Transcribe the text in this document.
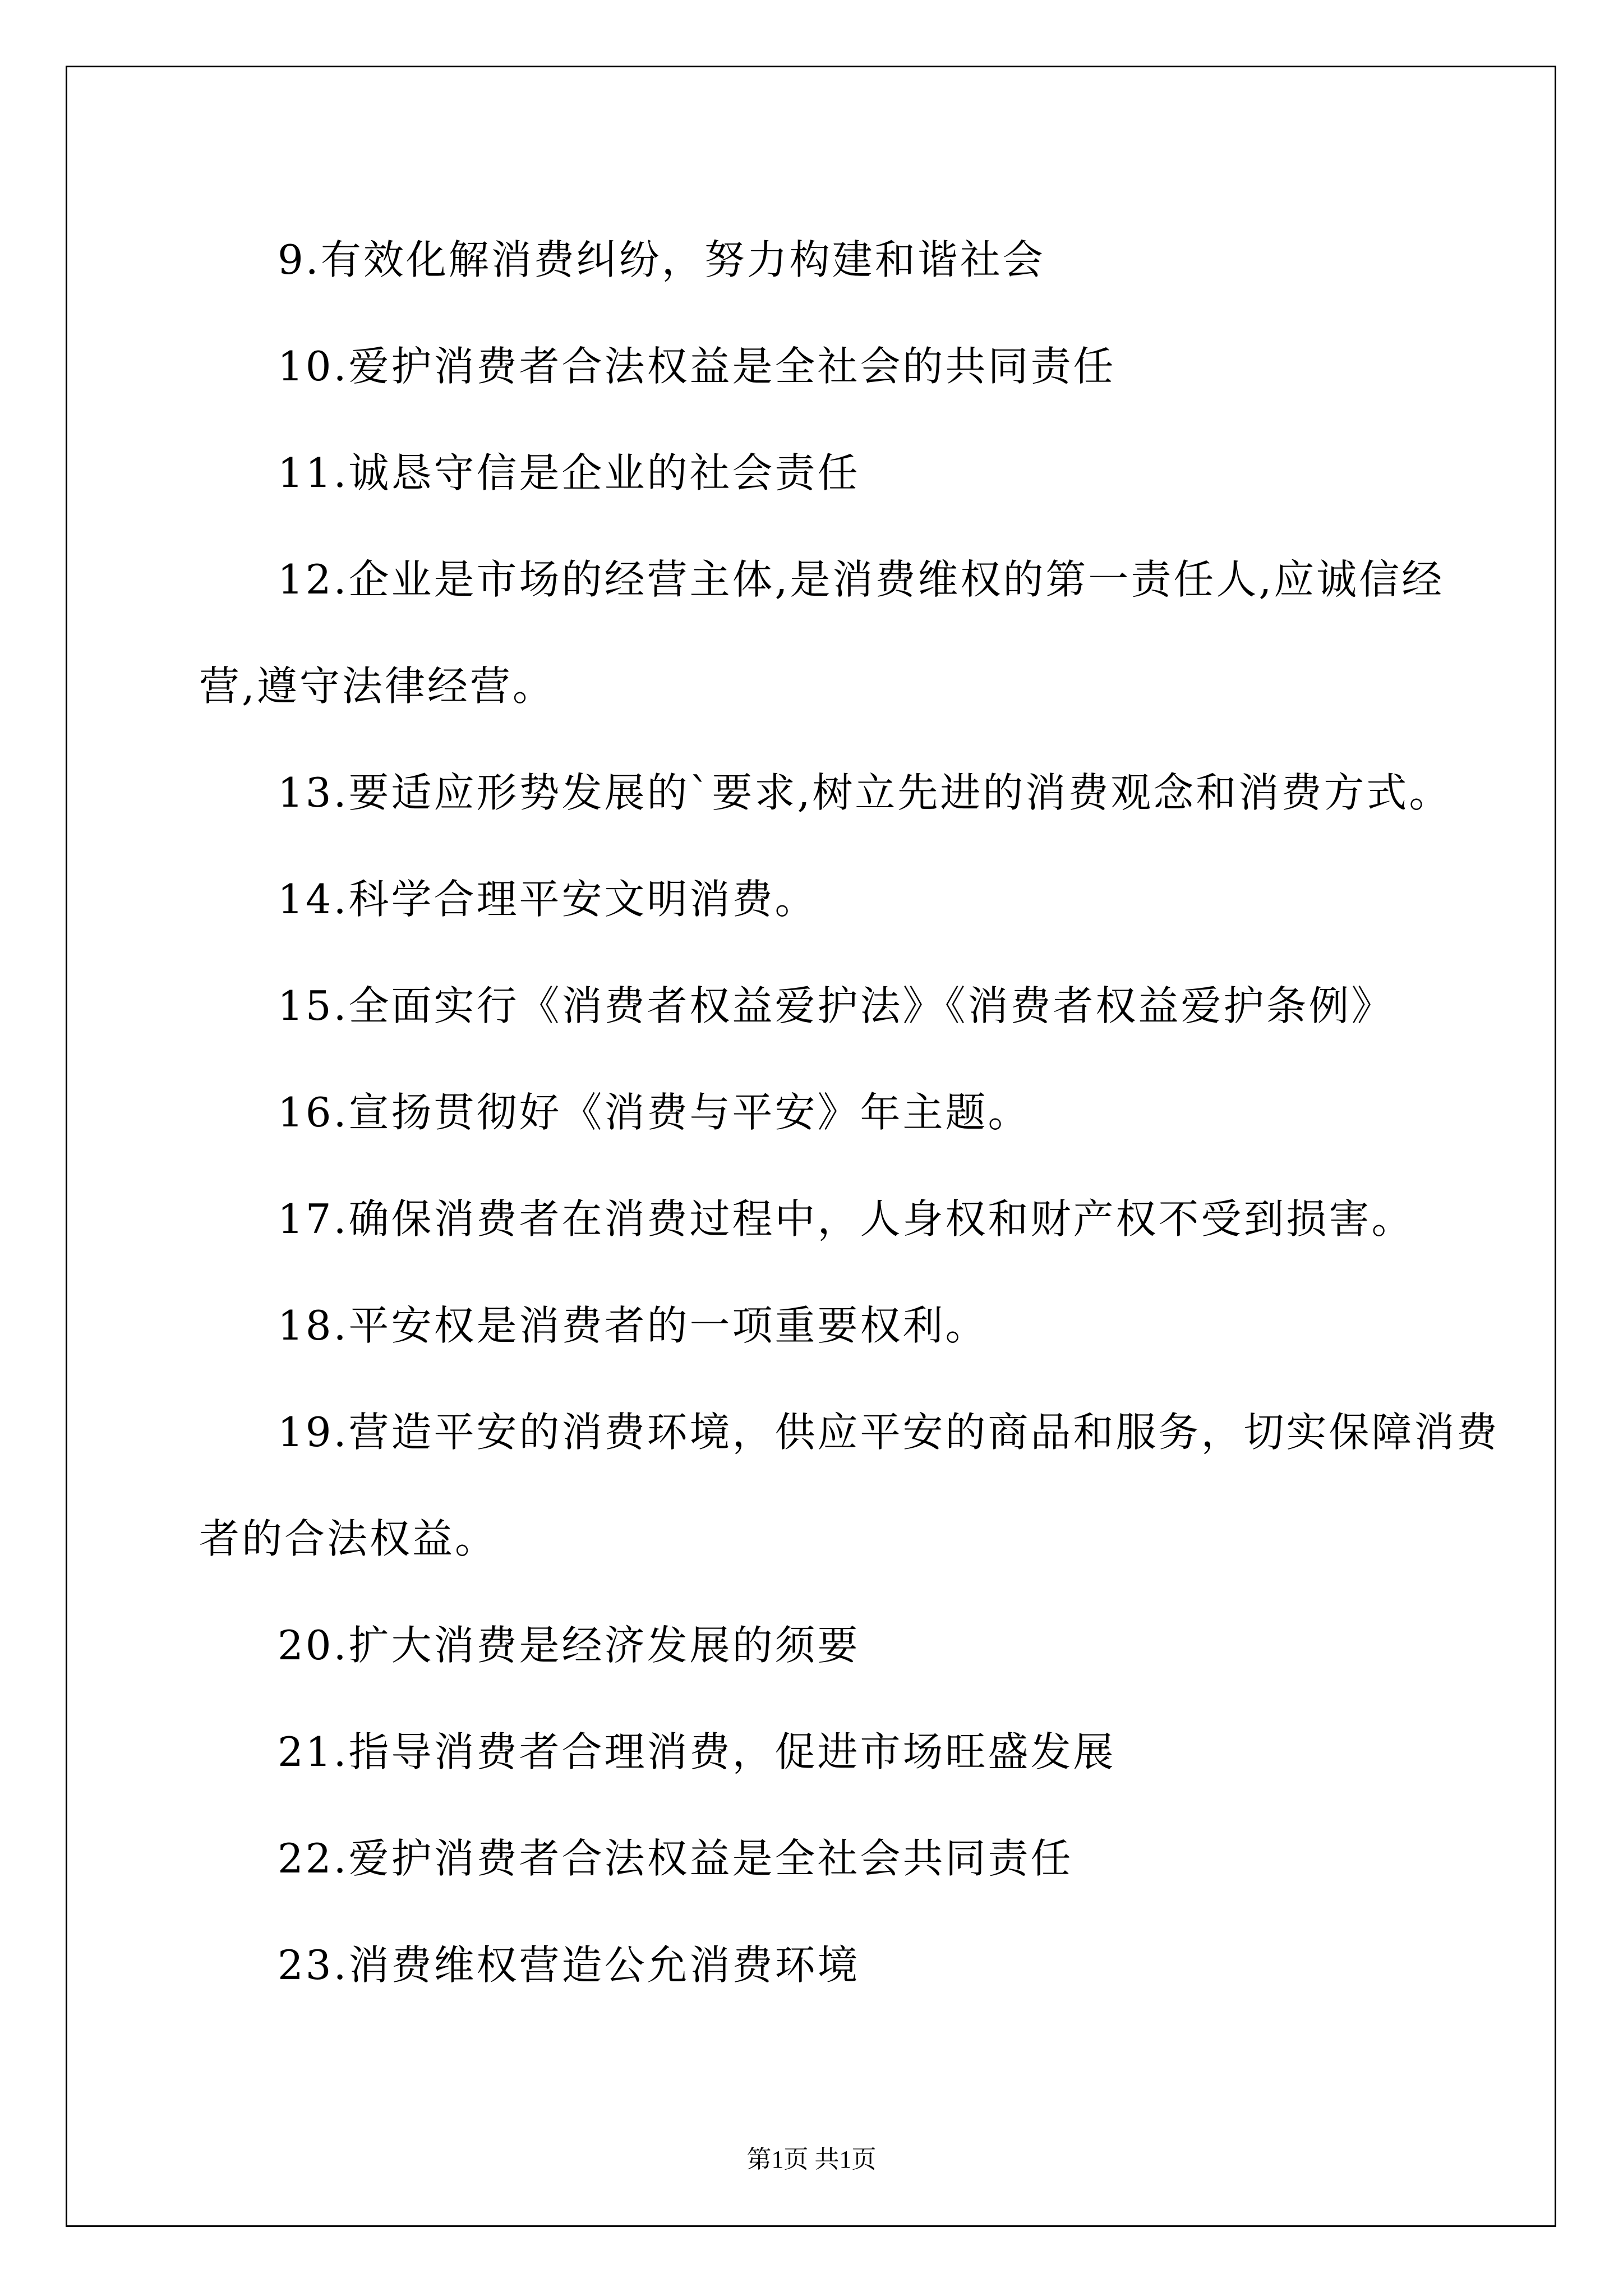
9.有效化解消费纠纷，努力构建和谐社会
10.爱护消费者合法权益是全社会的共同责任
11.诚恳守信是企业的社会责任
12.企业是市场的经营主体,是消费维权的第一责任人,应诚信经
营,遵守法律经营。
13.要适应形势发展的`要求,树立先进的消费观念和消费方式。
14.科学合理平安文明消费。
15.全面实行《消费者权益爱护法》《消费者权益爱护条例》
16.宣扬贯彻好《消费与平安》年主题。
17.确保消费者在消费过程中，人身权和财产权不受到损害。
18.平安权是消费者的一项重要权利。
19.营造平安的消费环境，供应平安的商品和服务，切实保障消费
者的合法权益。
20.扩大消费是经济发展的须要
21.指导消费者合理消费，促进市场旺盛发展
22.爱护消费者合法权益是全社会共同责任
23.消费维权营造公允消费环境
第1页 共1页
